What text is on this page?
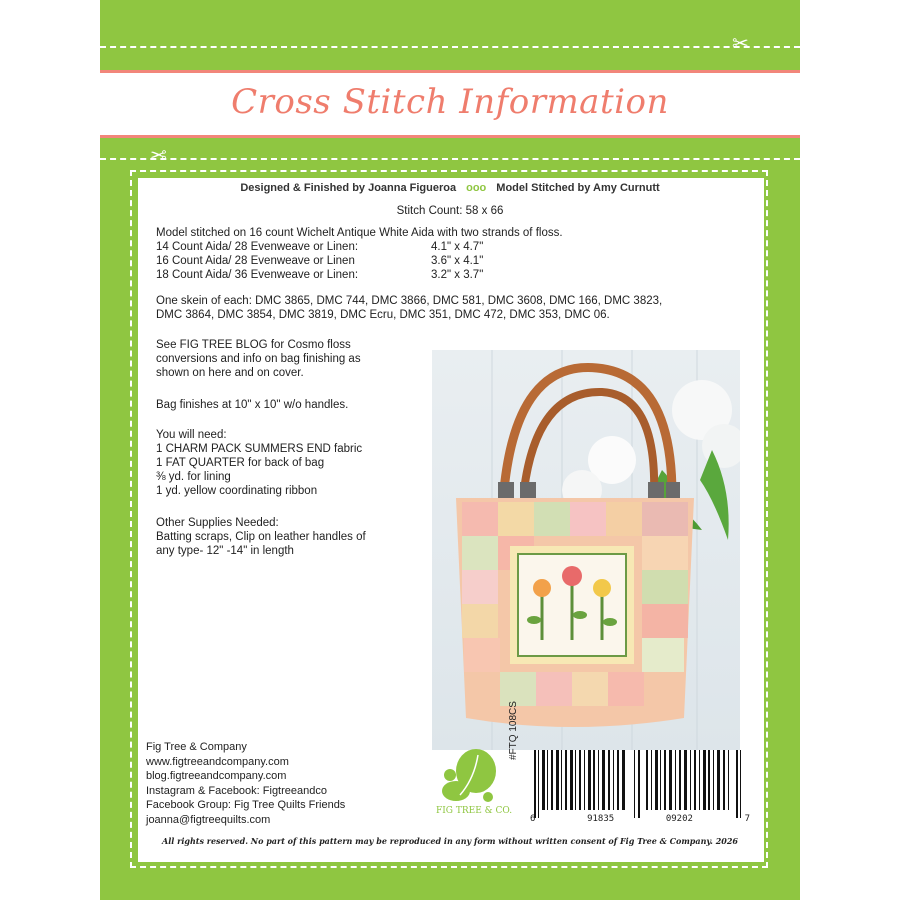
✂
Cross Stitch Information
✂
Designed & Finished by Joanna Figueroa ooo Model Stitched by Amy Curnutt
Stitch Count: 58 x 66
Model stitched on 16 count Wichelt Antique White Aida with two strands of floss.
14 Count Aida/ 28 Evenweave or Linen:	4.1" x 4.7"
16 Count Aida/ 28 Evenweave or Linen	3.6" x 4.1"
18 Count Aida/ 36 Evenweave or Linen:	3.2" x 3.7"
One skein of each: DMC 3865, DMC 744, DMC 3866, DMC 581, DMC 3608, DMC 166, DMC 3823,
DMC 3864, DMC 3854, DMC 3819, DMC Ecru, DMC 351, DMC 472, DMC 353, DMC 06.
See FIG TREE BLOG for Cosmo floss
conversions and info on bag finishing as
shown on here and on cover.
Bag finishes at 10" x 10" w/o handles.
You will need:
1 CHARM PACK SUMMERS END fabric
1 FAT QUARTER for back of bag
⅜ yd. for lining
1 yd. yellow coordinating ribbon
Other Supplies Needed:
Batting scraps, Clip on leather handles of
any type- 12" -14" in length
Fig Tree & Company
www.figtreeandcompany.com
blog.figtreeandcompany.com
Instagram & Facebook: Figtreeandco
Facebook Group: Fig Tree Quilts Friends
joanna@figtreequilts.com
FIG TREE & CO.
#FTQ 108CS
6	91835	09202	7
All rights reserved. No part of this pattern may be reproduced in any form without written consent of Fig Tree & Company. 2026
